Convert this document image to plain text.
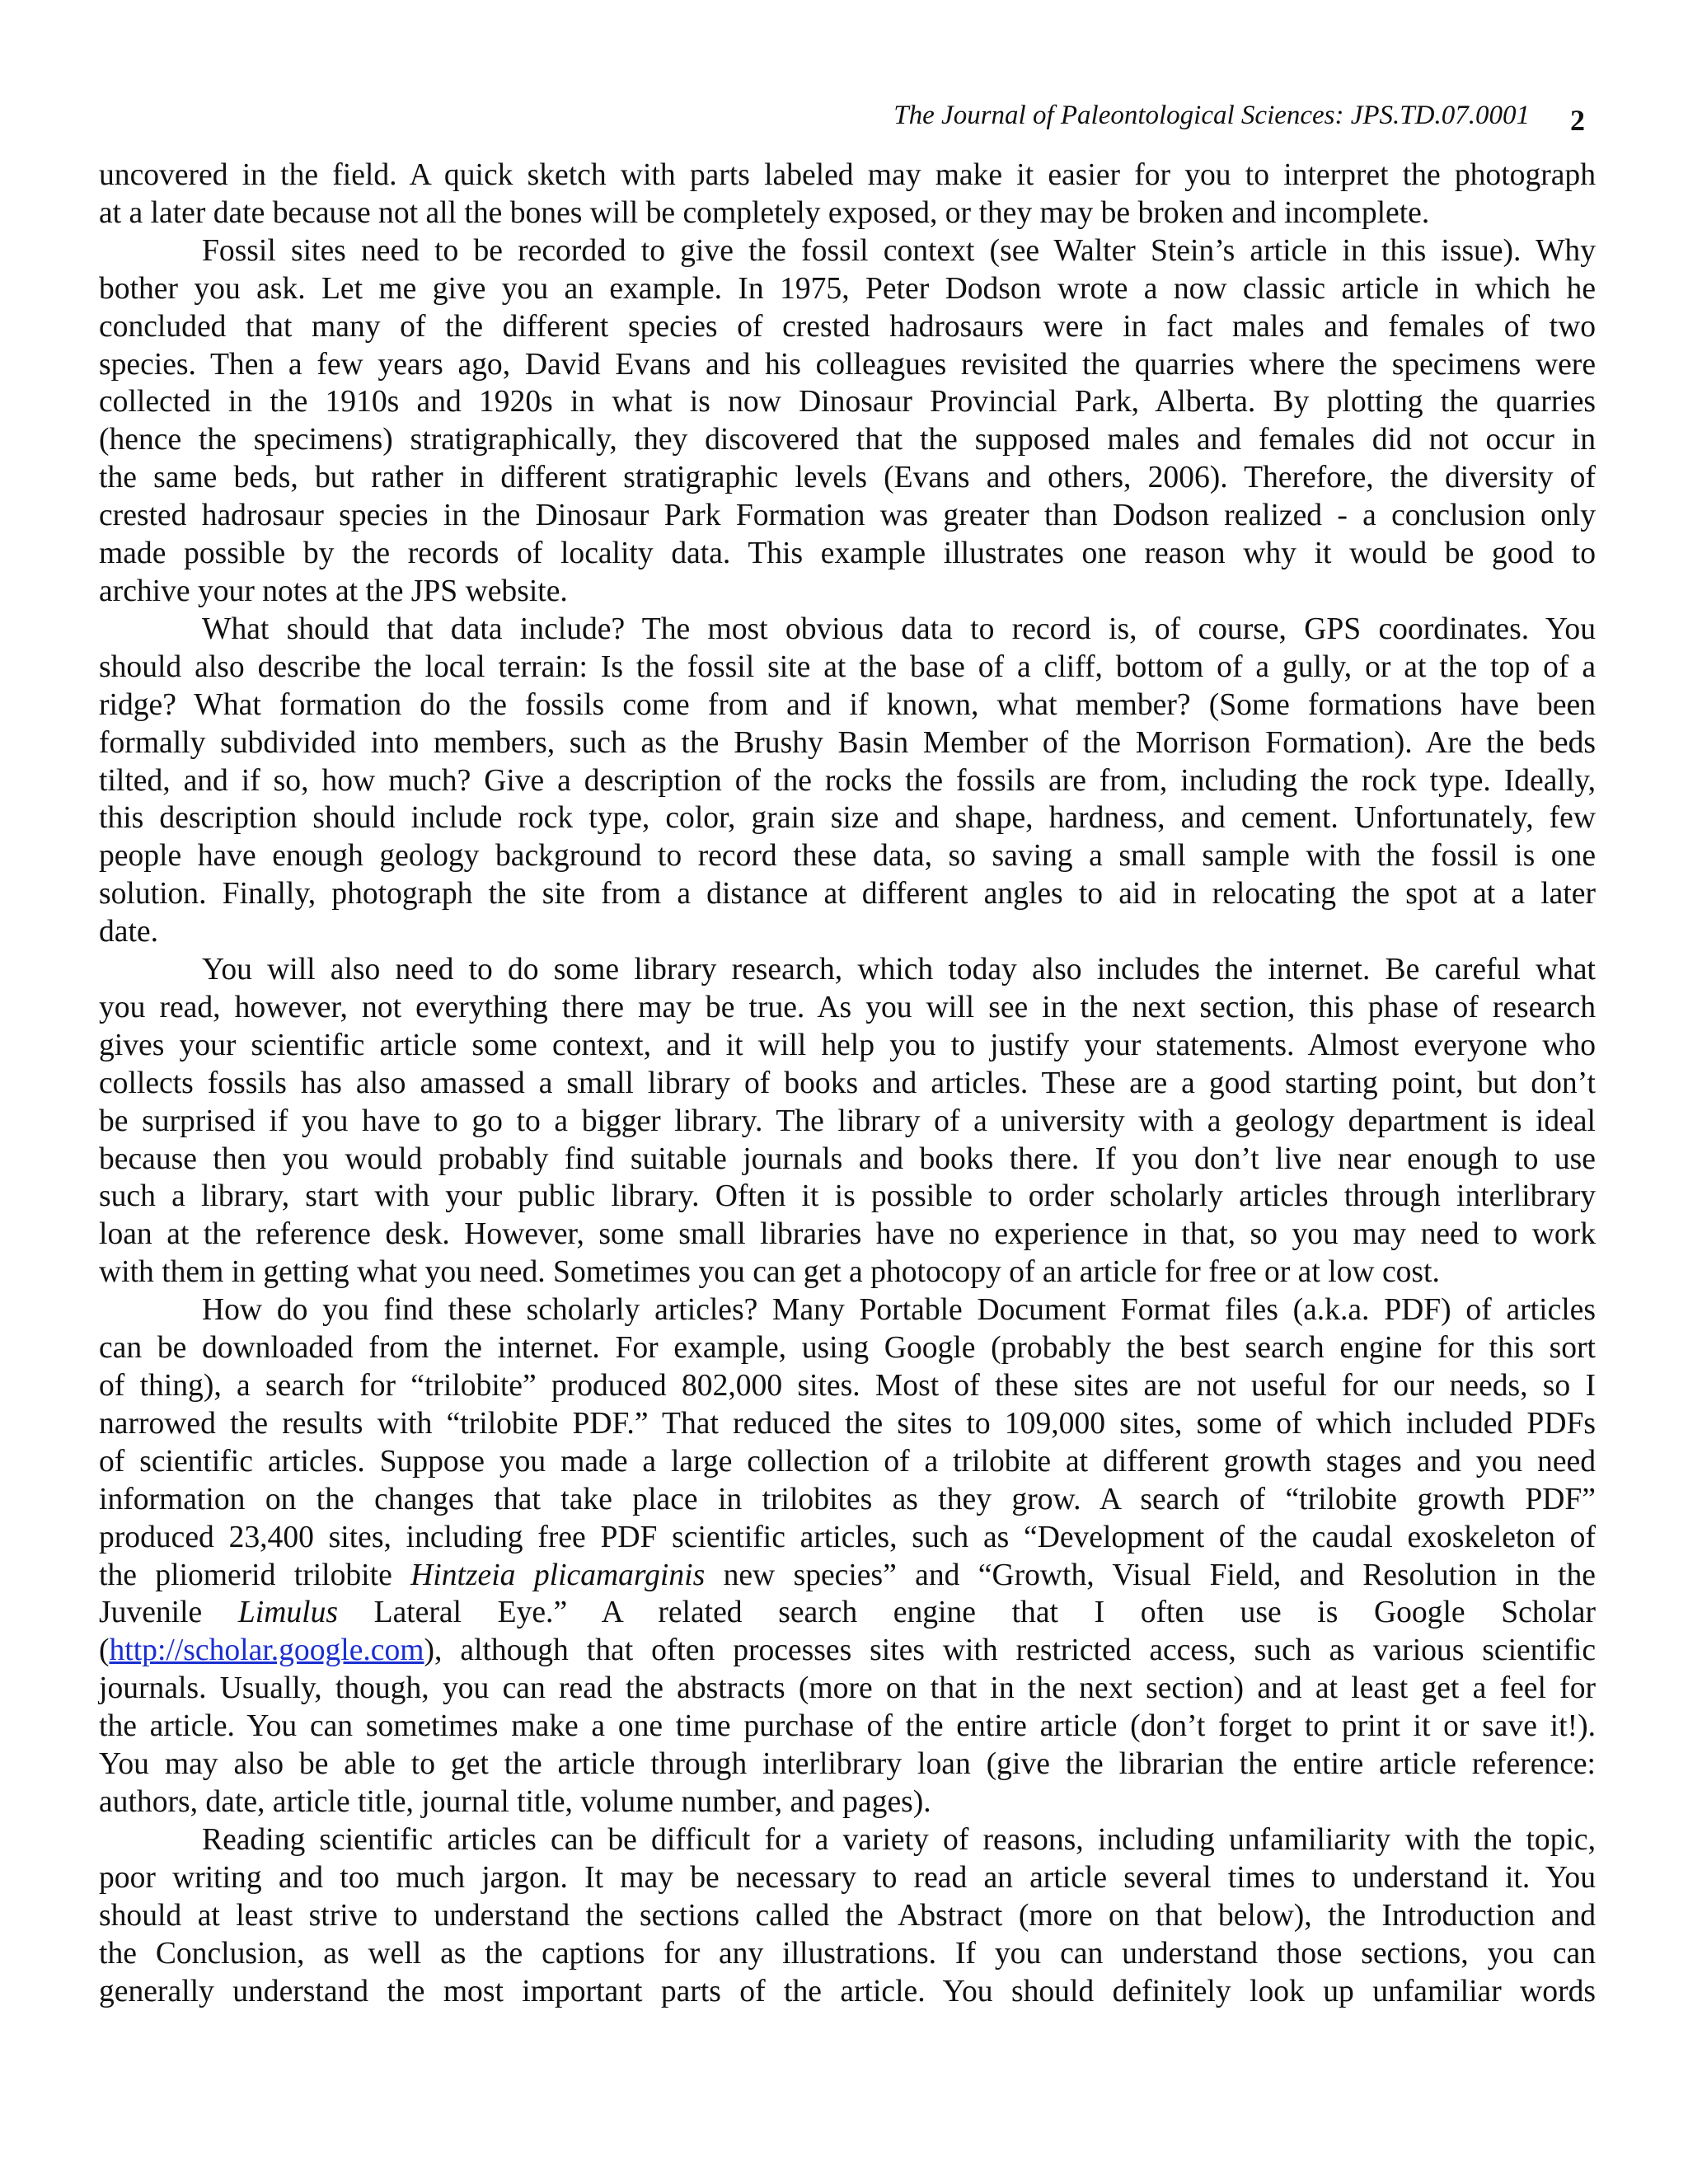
The Journal of Paleontological Sciences: JPS.TD.07.0001 2

uncovered in the field. A quick sketch with parts labeled may make it easier for you to interpret the photograph
at a later date because not all the bones will be completely exposed, or they may be broken and incomplete.

Fossil sites need to be recorded to give the fossil context (see Walter Stein’s article in this issue). Why
bother you ask. Let me give you an example. In 1975, Peter Dodson wrote a now classic article in which he
concluded that many of the different species of crested hadrosaurs were in fact males and females of two
species. Then a few years ago, David Evans and his colleagues revisited the quarries where the specimens were
collected in the 1910s and 1920s in what is now Dinosaur Provincial Park, Alberta. By plotting the quarries
(hence the specimens) stratigraphically, they discovered that the supposed males and females did not occur in
the same beds, but rather in different stratigraphic levels (Evans and others, 2006). Therefore, the diversity of
crested hadrosaur species in the Dinosaur Park Formation was greater than Dodson realized - a conclusion only
made possible by the records of locality data. This example illustrates one reason why it would be good to
archive your notes at the JPS website.

What should that data include? The most obvious data to record is, of course, GPS coordinates. You
should also describe the local terrain: Is the fossil site at the base of a cliff, bottom of a gully, or at the top of a
ridge? What formation do the fossils come from and if known, what member? (Some formations have been
formally subdivided into members, such as the Brushy Basin Member of the Morrison Formation). Are the beds
tilted, and if so, how much? Give a description of the rocks the fossils are from, including the rock type. Ideally,
this description should include rock type, color, grain size and shape, hardness, and cement. Unfortunately, few
people have enough geology background to record these data, so saving a small sample with the fossil is one
solution. Finally, photograph the site from a distance at different angles to aid in relocating the spot at a later
date.

You will also need to do some library research, which today also includes the internet. Be careful what
you read, however, not everything there may be true. As you will see in the next section, this phase of research
gives your scientific article some context, and it will help you to justify your statements. Almost everyone who
collects fossils has also amassed a small library of books and articles. These are a good starting point, but don’t
be surprised if you have to go to a bigger library. The library of a university with a geology department is ideal
because then you would probably find suitable journals and books there. If you don’t live near enough to use
such a library, start with your public library. Often it is possible to order scholarly articles through interlibrary
loan at the reference desk. However, some small libraries have no experience in that, so you may need to work
with them in getting what you need. Sometimes you can get a photocopy of an article for free or at low cost.

How do you find these scholarly articles? Many Portable Document Format files (a.k.a. PDF) of articles
can be downloaded from the internet. For example, using Google (probably the best search engine for this sort
of thing), a search for “trilobite” produced 802,000 sites. Most of these sites are not useful for our needs, so I
narrowed the results with “trilobite PDF.” That reduced the sites to 109,000 sites, some of which included PDFs
of scientific articles. Suppose you made a large collection of a trilobite at different growth stages and you need
information on the changes that take place in trilobites as they grow. A search of “trilobite growth PDF”
produced 23,400 sites, including free PDF scientific articles, such as “Development of the caudal exoskeleton of
the pliomerid trilobite Hintzeia plicamarginis new species” and “Growth, Visual Field, and Resolution in the
Juvenile Limulus Lateral Eye.” A related search engine that I often use is Google Scholar
(http://scholar.google.com), although that often processes sites with restricted access, such as various scientific
journals. Usually, though, you can read the abstracts (more on that in the next section) and at least get a feel for
the article. You can sometimes make a one time purchase of the entire article (don’t forget to print it or save it!).
You may also be able to get the article through interlibrary loan (give the librarian the entire article reference:
authors, date, article title, journal title, volume number, and pages).

Reading scientific articles can be difficult for a variety of reasons, including unfamiliarity with the topic,
poor writing and too much jargon. It may be necessary to read an article several times to understand it. You
should at least strive to understand the sections called the Abstract (more on that below), the Introduction and
the Conclusion, as well as the captions for any illustrations. If you can understand those sections, you can
generally understand the most important parts of the article. You should definitely look up unfamiliar words
